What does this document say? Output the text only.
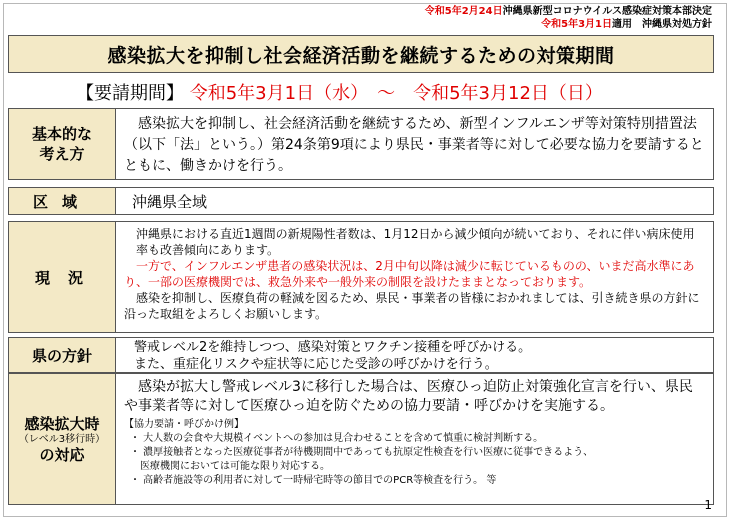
令和5年2月24日沖縄県新型コロナウイルス感染症対策本部決定
令和5年3月1日適用　沖縄県対処方針
感染拡大を抑制し社会経済活動を継続するための対策期間
【要請期間】 令和5年3月1日（水）　～　令和5年3月12日（日）
基本的な
考え方
感染拡大を抑制し、社会経済活動を継続するため、新型インフルエンザ等対策特別措置法（以下「法」という。）第24条第9項により県民・事業者等に対して必要な協力を要請するとともに、働きかけを行う。
区域	沖縄県全域
現況

沖縄県における直近1週間の新規陽性者数は、1月12日から減少傾向が続いており、それに伴い病床使用率も改善傾向にあります。

一方で、インフルエンザ患者の感染状況は、2月中旬以降は減少に転じているものの、いまだ高水準にあり、一部の医療機関では、救急外来や一般外来の制限を設けたままとなっております。

感染を抑制し、医療負荷の軽減を図るため、県民・事業者の皆様におかれましては、引き続き県の方針に沿った取組をよろしくお願いします。

県の方針	警戒レベル2を維持しつつ、感染対策とワクチン接種を呼びかける。
また、重症化リスクや症状等に応じた受診の呼びかけを行う。
感染拡大時
（レベル3移行時）
の対応

感染が拡大し警戒レベル3に移行した場合は、医療ひっ迫防止対策強化宣言を行い、県民や事業者等に対して医療ひっ迫を防ぐための協力要請・呼びかけを実施する。

【協力要請・呼びかけ例】
・ 大人数の会食や大規模イベントへの参加は見合わせることを含めて慎重に検討判断する。
・ 濃厚接触者となった医療従事者が待機期間中であっても抗原定性検査を行い医療に従事できるよう、
医療機関においては可能な限り対応する。
・ 高齢者施設等の利用者に対して一時帰宅時等の節目でのPCR等検査を行う。 等
1
